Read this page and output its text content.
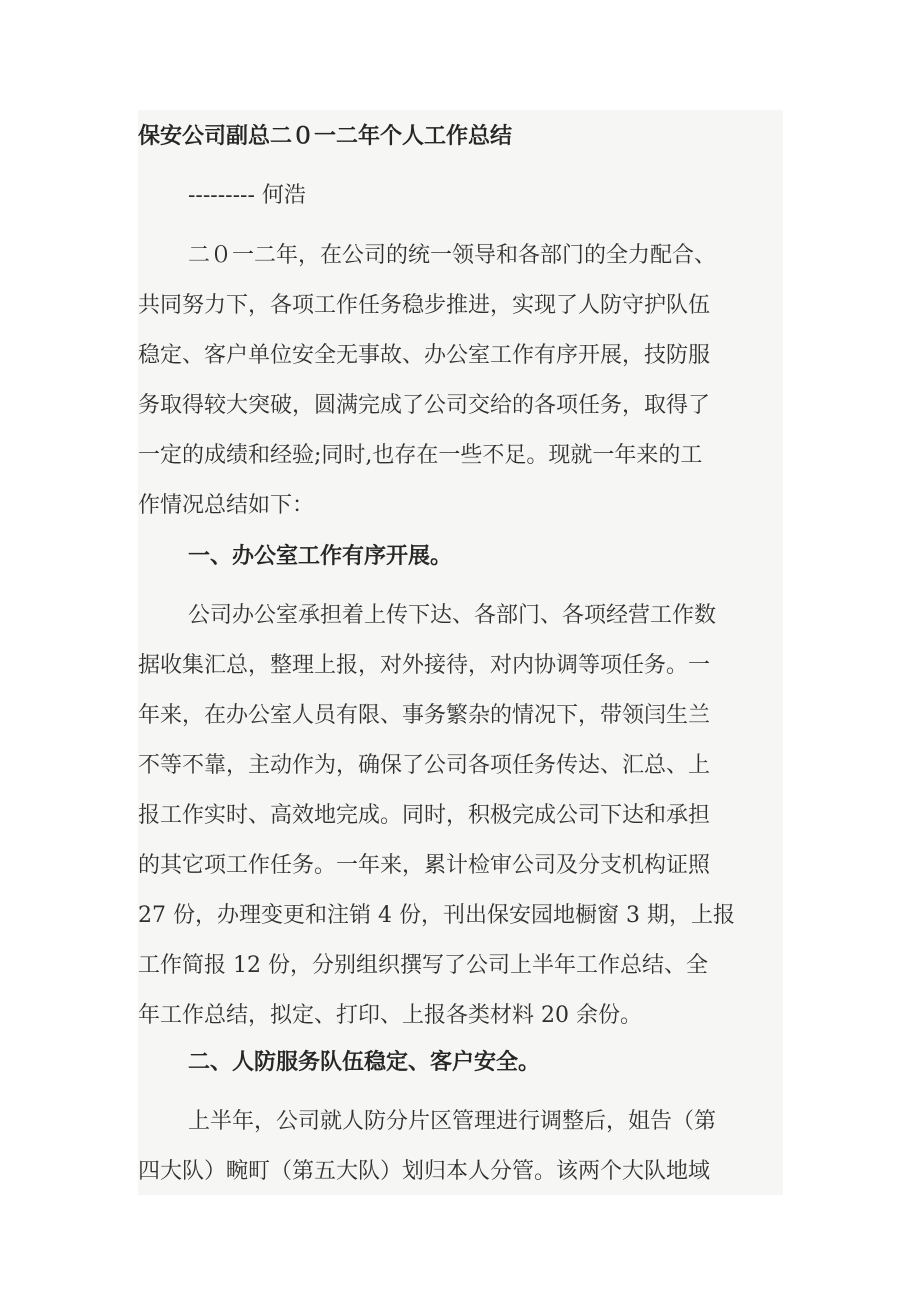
保安公司副总二０一二年个人工作总结
--------- 何浩
二０一二年，在公司的统一领导和各部门的全力配合、
共同努力下，各项工作任务稳步推进，实现了人防守护队伍
稳定、客户单位安全无事故、办公室工作有序开展，技防服
务取得较大突破，圆满完成了公司交给的各项任务，取得了
一定的成绩和经验;同时,也存在一些不足。现就一年来的工
作情况总结如下：
一、办公室工作有序开展。
公司办公室承担着上传下达、各部门、各项经营工作数
据收集汇总，整理上报，对外接待，对内协调等项任务。一
年来，在办公室人员有限、事务繁杂的情况下，带领闫生兰
不等不靠，主动作为，确保了公司各项任务传达、汇总、上
报工作实时、高效地完成。同时，积极完成公司下达和承担
的其它项工作任务。一年来，累计检审公司及分支机构证照
27 份，办理变更和注销 4 份，刊出保安园地橱窗 3 期，上报
工作简报 12 份，分别组织撰写了公司上半年工作总结、全
年工作总结，拟定、打印、上报各类材料 20 余份。
二、人防服务队伍稳定、客户安全。
上半年，公司就人防分片区管理进行调整后，姐告（第
四大队）畹町（第五大队）划归本人分管。该两个大队地域
